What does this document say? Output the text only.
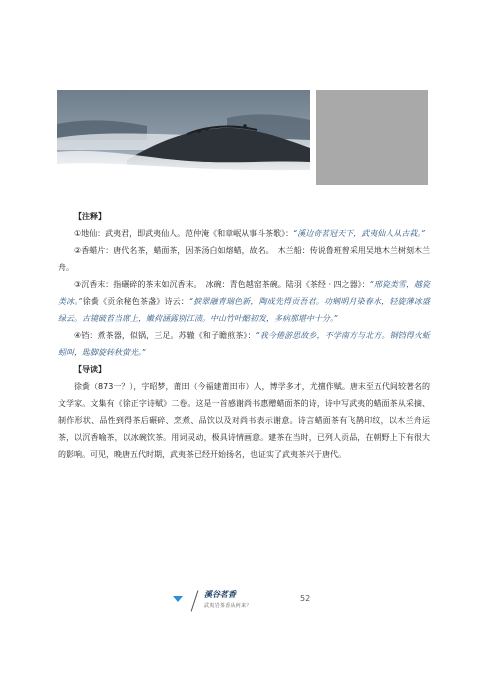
【注释】

①地仙：武夷君，即武夷仙人。范仲淹《和章岷从事斗茶歌》：“溪边奇茗冠天下，武夷仙人从古栽。”

②香蜡片：唐代名茶，蜡面茶，因茶汤白如熔蜡，故名。　木兰船：传说鲁班曾采用吴地木兰树刻木兰舟。

③沉香末：指碾碎的茶末如沉香末。　冰碗：青色越窑茶碗。陆羽《茶经 · 四之器》：“邢瓷类雪，越瓷类冰。”徐夤《贡余秘色茶盏》诗云：“捩翠融青瑞色新，陶成先得贡吾君。功剜明月染春水，轻旋薄冰盛绿云。古镜破苔当席上，嫩荷涵露别江渍。中山竹叶醅初发，多病那堪中十分。”

④铛：煮茶器，似锅，三足。苏辙《和子瞻煎茶》：“我今倦游思故乡，不学南方与北方。铜铛得火蚯蚓叫，匙脚旋转秋萤光。”

【导读】

徐夤（873一？），字昭梦，莆田（今福建莆田市）人，博学多才，尤擅作赋。唐末至五代间较著名的文学家。文集有《徐正字诗赋》二卷。这是一首感谢尚书惠赠蜡面茶的诗，诗中写武夷的蜡面茶从采摘、制作形状、品性到得茶后碾碎、烹煮、品饮以及对尚书表示谢意。诗言蜡面茶有飞鹊印纹，以木兰舟运茶，以沉香喻茶，以冰碗饮茶。用词灵动，极具诗情画意。建茶在当时，已列人贡品，在朝野上下有很大的影响。可见，晚唐五代时期，武夷茶已经开始扬名，也证实了武夷茶兴于唐代。

溪谷茗香
武夷岩茶香从何来？
52
